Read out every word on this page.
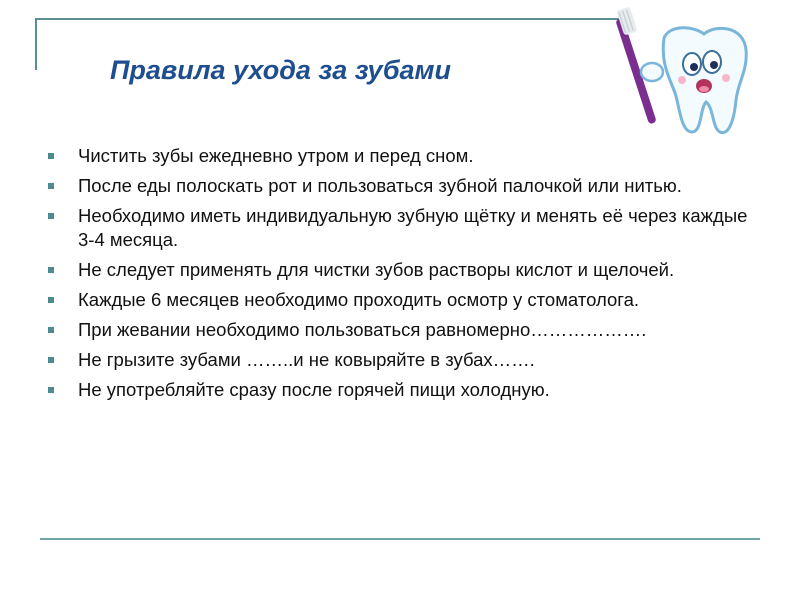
Правила ухода за зубами
Чистить зубы ежедневно утром и перед сном.
После еды полоскать рот и пользоваться зубной палочкой или нитью.
Необходимо иметь индивидуальную зубную щётку и менять её через каждые 3-4 месяца.
Не следует применять для чистки зубов растворы кислот и щелочей.
Каждые 6 месяцев необходимо проходить осмотр у стоматолога.
При жевании необходимо пользоваться равномерно……………….
Не грызите зубами ……..и не ковыряйте в зубах…….
Не употребляйте сразу после горячей пищи холодную.
